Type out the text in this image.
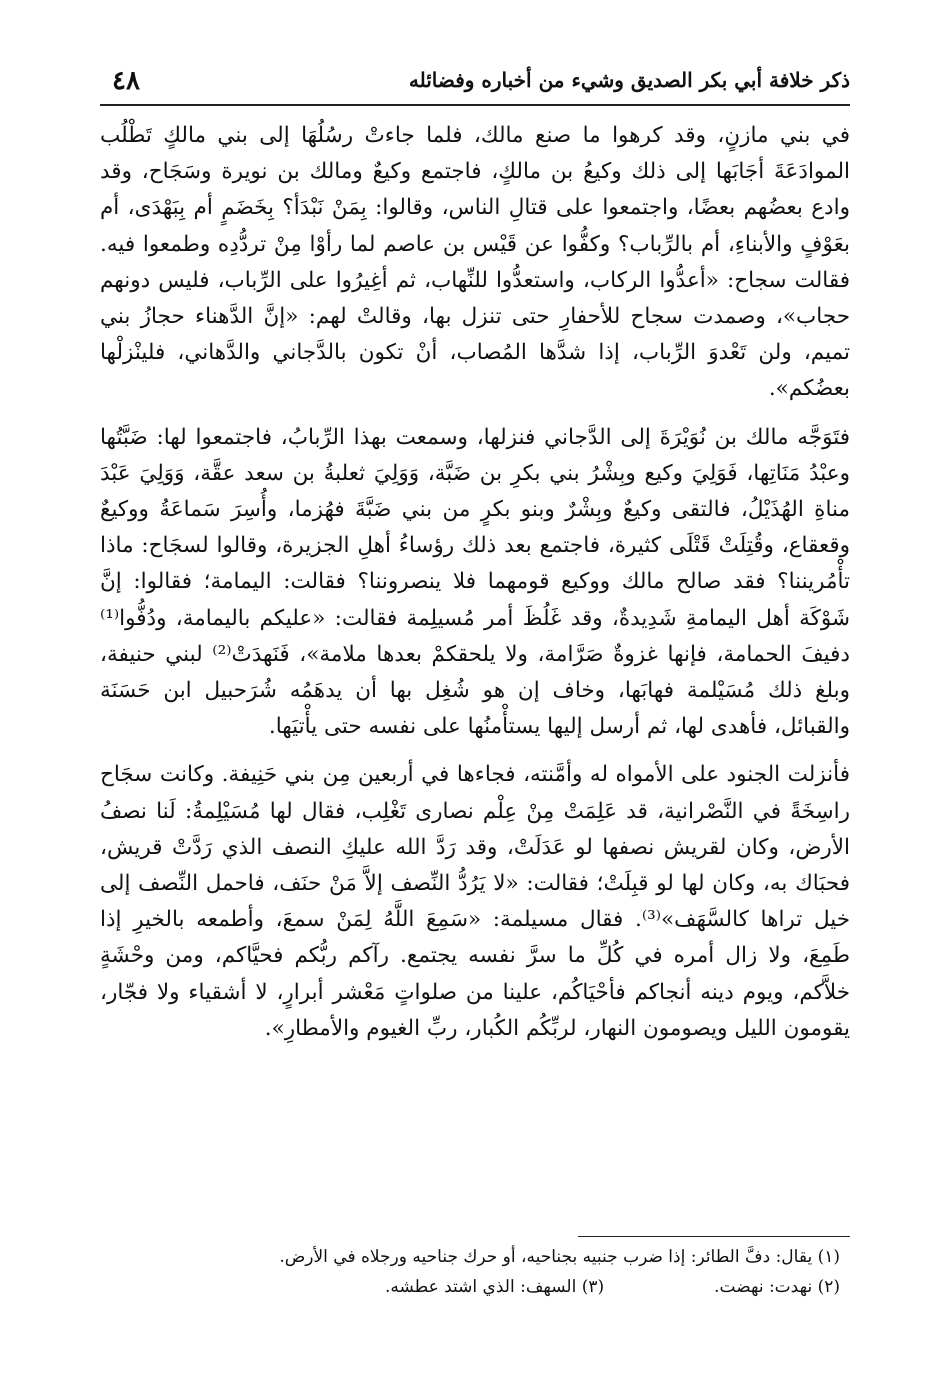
ذكر خلافة أبي بكر الصديق وشيء من أخباره وفضائله
٤٨

في بني مازنٍ، وقد كرهوا ما صنع مالك، فلما جاءتْ رسُلُهَا إلى بني مالكٍ تَطْلُب الموادَعَةَ أجَابَها إلى ذلك وكيعُ بن مالكٍ، فاجتمع وكيعٌ ومالك بن نويرة وسَجَاح، وقد وادع بعضُهم بعضًا، واجتمعوا على قتالِ الناس، وقالوا: بِمَنْ نَبْدَأ؟ بِخَضَمٍ أم بِبَهْدَى، أم بعَوْفٍ والأبناءِ، أم بالرِّباب؟ وكفُّوا عن قَيْس بن عاصم لما رأوْا مِنْ تردُّدِه وطمعوا فيه. فقالت سجاح: «أعدُّوا الركاب، واستعدُّوا للنِّهاب، ثم أغِيرُوا على الرِّباب، فليس دونهم حجاب»، وصمدت سجاح للأحفارِ حتى تنزل بها، وقالتْ لهم: «إنَّ الدَّهناء حجازُ بني تميم، ولن تَعْدوَ الرِّباب، إذا شدَّها المُصاب، أنْ تكون بالدَّجاني والدَّهاني، فلينْزلْها بعضُكم».

فتَوَجَّه مالك بن نُوَيْرَةَ إلى الدَّجاني فنزلها، وسمعت بهذا الرِّبابُ، فاجتمعوا لها: ضَبَّتُها وعبْدُ مَنَاتِها، فَوَلِيَ وكيع وبِشْرُ بني بكرِ بن ضَبَّة، وَوَلِيَ ثعلبةُ بن سعد عقَّة، وَوَلِيَ عَبْدَ مناةِ الهُذَيْلُ، فالتقى وكيعٌ وبِشْرٌ وبنو بكرٍ من بني ضَبَّةَ فهُزما، وأُسِرَ سَماعَةُ ووكيعٌ وقعقاع، وقُتِلَتْ قَتْلَى كثيرة، فاجتمع بعد ذلك رؤساءُ أهلِ الجزيرة، وقالوا لسجَاح: ماذا تأْمُريننا؟ فقد صالح مالك ووكيع قومهما فلا ينصروننا؟ فقالت: اليمامة؛ فقالوا: إنَّ شَوْكَة أهل اليمامةِ شَدِيدةٌ، وقد غَلُظَ أمر مُسيلِمة فقالت: «عليكم باليمامة، ودُفُّوا⁽¹⁾ دفيفَ الحمامة، فإنها غزوةٌ صَرَّامة، ولا يلحقكمْ بعدها ملامة»، فَنَهدَتْ⁽²⁾ لبني حنيفة، وبلغ ذلك مُسَيْلمة فهابَها، وخاف إن هو شُغِل بها أن يدهَمُه شُرَحبيل ابن حَسَنَة والقبائل، فأهدى لها، ثم أرسل إليها يستأْمنُها على نفسه حتى يأْتيَها.

فأنزلت الجنود على الأمواه له وأمَّنته، فجاءها في أربعين مِن بني حَنِيفة. وكانت سجَاح راسِخَةً في النَّصْرانية، قد عَلِمَتْ مِنْ عِلْم نصارى تَغْلِب، فقال لها مُسَيْلِمةُ: لَنا نصفُ الأرض، وكان لقريش نصفها لو عَدَلَتْ، وقد رَدَّ الله عليكِ النصف الذي رَدَّتْ قريش، فحبَاك به، وكان لها لو قبِلَتْ؛ فقالت: «لا يَرُدُّ النِّصف إلاَّ مَنْ حنَف، فاحمل النِّصف إلى خيل تراها كالسَّهَف»⁽³⁾. فقال مسيلمة: «سَمِعَ اللَّهُ لِمَنْ سمعَ، وأطمعه بالخيرِ إذا طَمِعَ، ولا زال أمره في كُلِّ ما سرَّ نفسه يجتمع. رآكم ربُّكم فحيَّاكم، ومن وحْشَةٍ خلاَّكم، ويوم دينه أنجاكم فأحْيَاكُم، علينا من صلواتٍ مَعْشر أبرارٍ، لا أشقياء ولا فجّار، يقومون الليل ويصومون النهار، لربِّكُم الكُبار، ربِّ الغيوم والأمطارِ».

(١) يقال: دفَّ الطائر: إذا ضرب جنبيه بجناحيه، أو حرك جناحيه ورجلاه في الأرض.
(٢) نهدت: نهضت.
(٣) السهف: الذي اشتد عطشه.
